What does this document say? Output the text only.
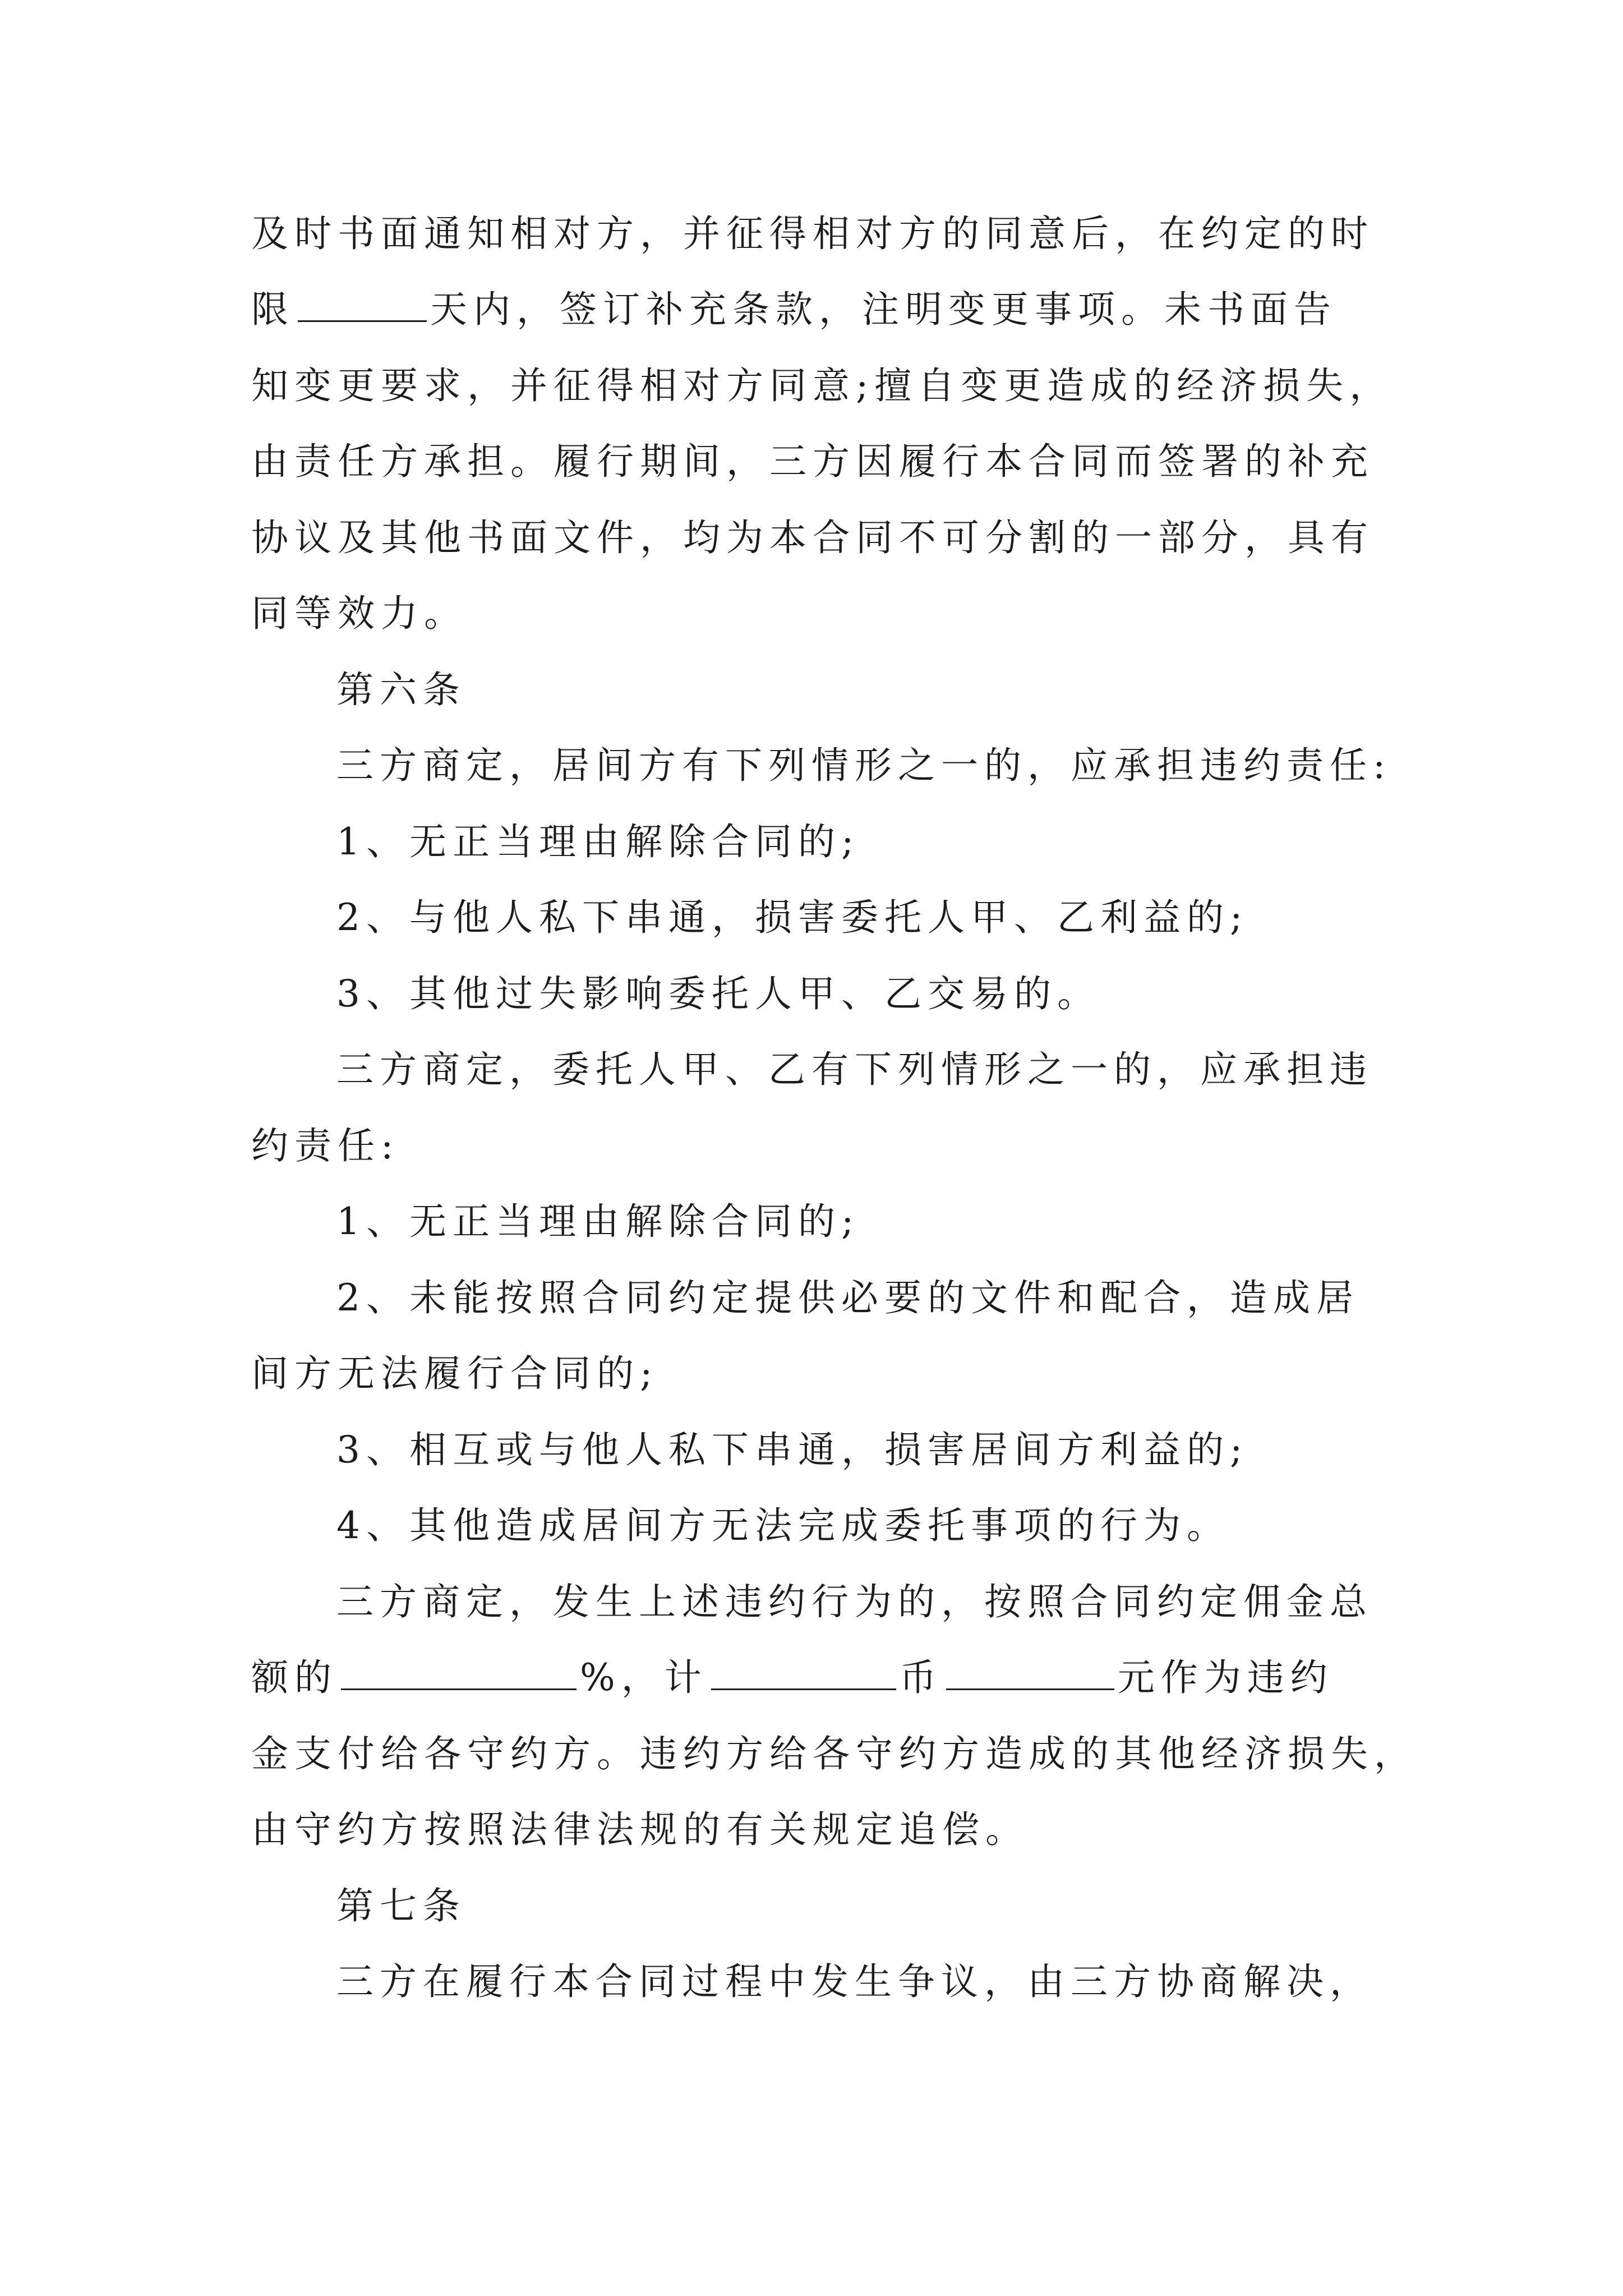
及时书面通知相对方，并征得相对方的同意后，在约定的时
限	天内，签订补充条款，注明变更事项。未书面告
知变更要求，并征得相对方同意;擅自变更造成的经济损失，
由责任方承担。履行期间，三方因履行本合同而签署的补充
协议及其他书面文件，均为本合同不可分割的一部分，具有
同等效力。
第六条
三方商定，居间方有下列情形之一的，应承担违约责任:
1、无正当理由解除合同的;
2、与他人私下串通，损害委托人甲、乙利益的;
3、其他过失影响委托人甲、乙交易的。
三方商定，委托人甲、乙有下列情形之一的，应承担违
约责任:
1、无正当理由解除合同的;
2、未能按照合同约定提供必要的文件和配合，造成居
间方无法履行合同的;
3、相互或与他人私下串通，损害居间方利益的;
4、其他造成居间方无法完成委托事项的行为。
三方商定，发生上述违约行为的，按照合同约定佣金总
额的	%，计	币	元作为违约
金支付给各守约方。违约方给各守约方造成的其他经济损失，
由守约方按照法律法规的有关规定追偿。
第七条
三方在履行本合同过程中发生争议，由三方协商解决，
